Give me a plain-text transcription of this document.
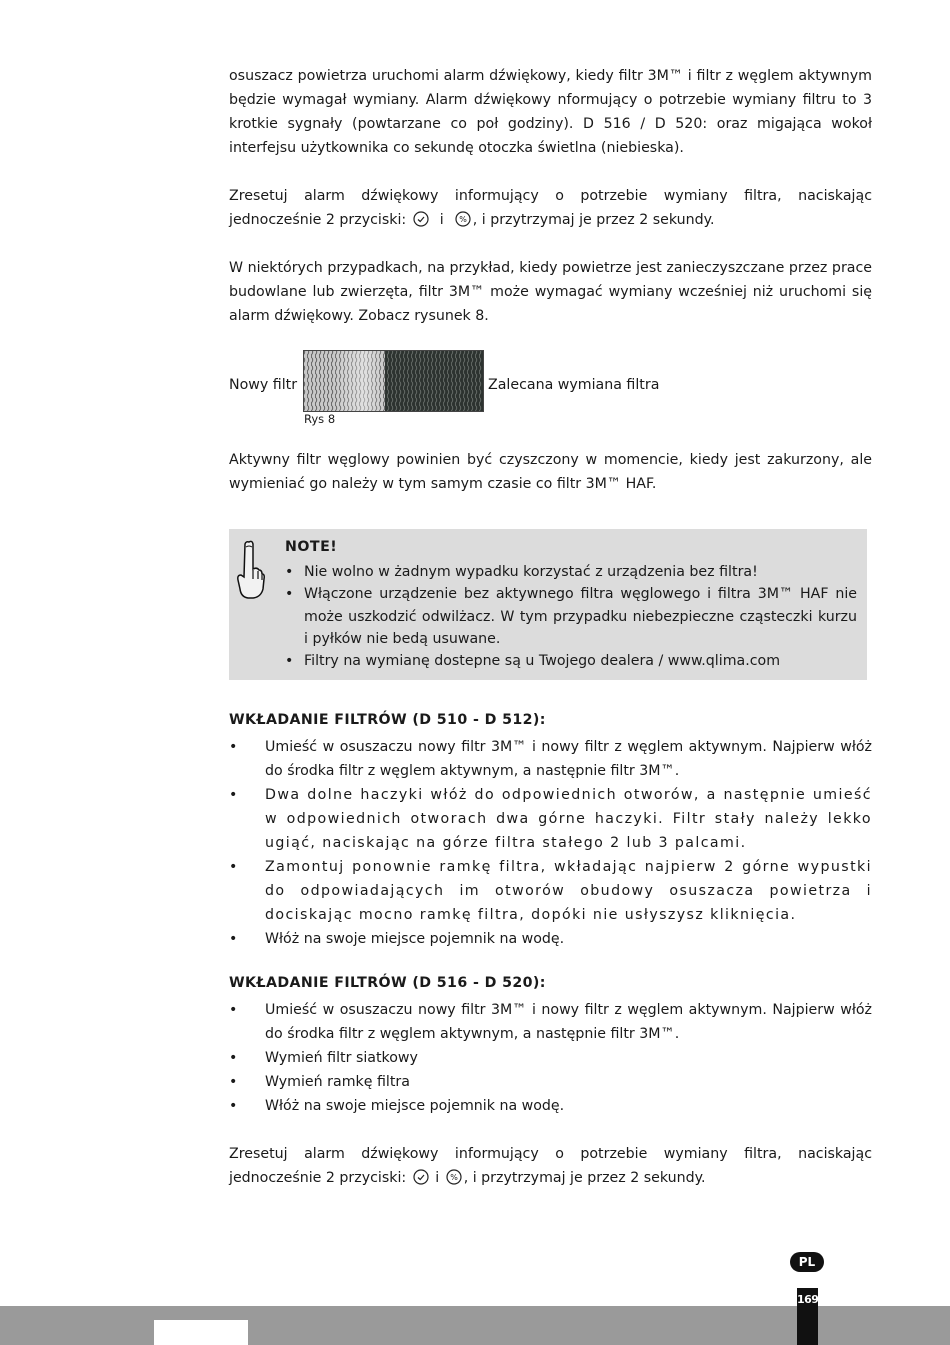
osuszacz powietrza uruchomi alarm dźwiękowy, kiedy filtr 3M™ i filtr z węglem aktywnym będzie wymagał wymiany. Alarm dźwiękowy nformujący o potrzebie wymiany filtru to 3 krotkie sygnały (powtarzane co poł godziny). D 516 / D 520: oraz migająca wokoł interfejsu użytkownika co sekundę otoczka świetlna (niebieska).

Zresetuj alarm dźwiękowy informujący o potrzebie wymiany filtra, naciskając jednocześnie 2 przyciski: i % , i przytrzymaj je przez 2 sekundy.

W niektórych przypadkach, na przykład, kiedy powietrze jest zanieczyszczane przez prace budowlane lub zwierzęta, filtr 3M™ może wymagać wymiany wcześniej niż uruchomi się alarm dźwiękowy. Zobacz rysunek 8.

Nowy filtr	Zalecana wymiana filtra
Rys 8

Aktywny filtr węglowy powinien być czyszczony w momencie, kiedy jest zakurzony, ale wymieniać go należy w tym samym czasie co filtr 3M™ HAF.

NOTE!
• Nie wolno w żadnym wypadku korzystać z urządzenia bez filtra!
• Włączone urządzenie bez aktywnego filtra węglowego i filtra 3M™ HAF nie może uszkodzić odwilżacz. W tym przypadku niebezpieczne cząsteczki kurzu i pyłków nie bedą usuwane.
• Filtry na wymianę dostepne są u Twojego dealera / www.qlima.com
WKŁADANIE FILTRÓW (D 510 - D 512):
• Umieść w osuszaczu nowy filtr 3M™ i nowy filtr z węglem aktywnym. Najpierw włóż do środka filtr z węglem aktywnym, a następnie filtr 3M™.
• Dwa dolne haczyki włóż do odpowiednich otworów, a następnie umieść w odpowiednich otworach dwa górne haczyki. Filtr stały należy lekko ugiąć, naciskając na górze filtra stałego 2 lub 3 palcami.
• Zamontuj ponownie ramkę filtra, wkładając najpierw 2 górne wypustki do odpowiadających im otworów obudowy osuszacza powietrza i dociskając mocno ramkę filtra, dopóki nie usłyszysz kliknięcia.
• Włóż na swoje miejsce pojemnik na wodę.
WKŁADANIE FILTRÓW (D 516 - D 520):
• Umieść w osuszaczu nowy filtr 3M™ i nowy filtr z węglem aktywnym. Najpierw włóż do środka filtr z węglem aktywnym, a następnie filtr 3M™.
• Wymień filtr siatkowy
• Wymień ramkę filtra
• Włóż na swoje miejsce pojemnik na wodę.

Zresetuj alarm dźwiękowy informujący o potrzebie wymiany filtra, naciskając jednocześnie 2 przyciski: i % , i przytrzymaj je przez 2 sekundy.

PL
169
